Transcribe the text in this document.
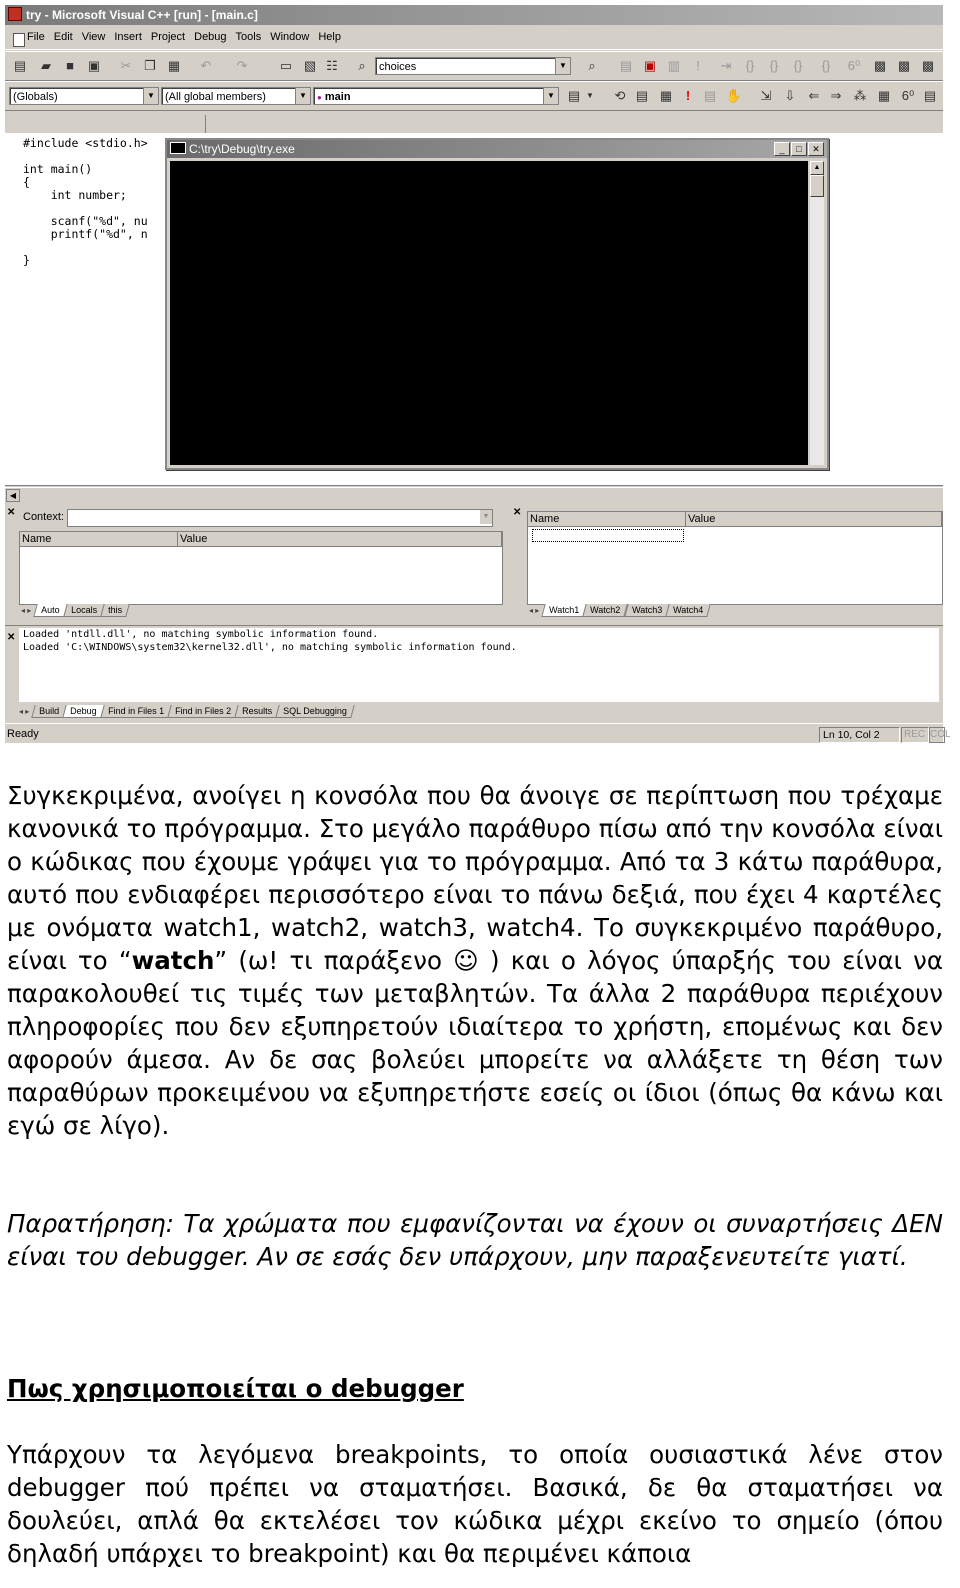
try - Microsoft Visual C++ [run] - [main.c]
File Edit View Insert Project Debug Tools Window Help
▤	▰	■	▣ ✂ ❐ ▦ ↶ ↷ ▭ ▧ ☷	⌕	choices	▼	⌕	▤ ▣ ▥	!	⇥	{}	{}	{}	{}	6⁰ ▩ ▩ ▩
(Globals)	▼ (All global members)	▼	● main	▼ ▤ ▼	⟲ ▤ ▦	!	▤ ✋ ⇲ ⇩ ⇐ ⇒ ⁂ ▦ 6⁰ ▤
#include <stdio.h>

int main()
{
int number;

scanf("%d", nu
printf("%d", n

}
C:\try\Debug\try.exe	_	□	✕
▲
◀
✕ Context:	▼
Name	Value
◂ ▸	Auto	Locals	this
✕
Name	Value
◂ ▸	Watch1	Watch2	Watch3	Watch4
✕ Loaded 'ntdll.dll', no matching symbolic information found.
Loaded 'C:\WINDOWS\system32\kernel32.dll', no matching symbolic information found.
◂ ▸	Build	Debug	Find in Files 1	Find in Files 2	Results	SQL Debugging
Ready	Ln 10, Col 2	REC COL
Συγκεκριμένα, ανοίγει η κονσόλα που θα άνοιγε σε περίπτωση που τρέχαμε κανονικά το πρόγραμμα. Στο μεγάλο παράθυρο πίσω από την κονσόλα είναι ο κώδικας που έχουμε γράψει για το πρόγραμμα. Από τα 3 κάτω παράθυρα, αυτό που ενδιαφέρει περισσότερο είναι το πάνω δεξιά, που έχει 4 καρτέλες με ονόματα watch1, watch2, watch3, watch4. Το συγκεκριμένο παράθυρο, είναι το “watch” (ω! τι παράξενο ☺ ) και ο λόγος ύπαρξής του είναι να παρακολουθεί τις τιμές των μεταβλητών. Τα άλλα 2 παράθυρα περιέχουν πληροφορίες που δεν εξυπηρετούν ιδιαίτερα το χρήστη, επομένως και δεν αφορούν άμεσα. Αν δε σας βολεύει μπορείτε να αλλάξετε τη θέση των παραθύρων προκειμένου να εξυπηρετήστε εσείς οι ίδιοι (όπως θα κάνω και εγώ σε λίγο).
Παρατήρηση: Τα χρώματα που εμφανίζονται να έχουν οι συναρτήσεις ΔΕΝ είναι του debugger. Αν σε εσάς δεν υπάρχουν, μην παραξενευτείτε γιατί.
Πως χρησιμοποιείται ο debugger
Υπάρχουν τα λεγόμενα breakpoints, το οποία ουσιαστικά λένε στον debugger πού πρέπει να σταματήσει. Βασικά, δε θα σταματήσει να δουλεύει, απλά θα εκτελέσει τον κώδικα μέχρι εκείνο το σημείο (όπου δηλαδή υπάρχει το breakpoint) και θα περιμένει κάποια
